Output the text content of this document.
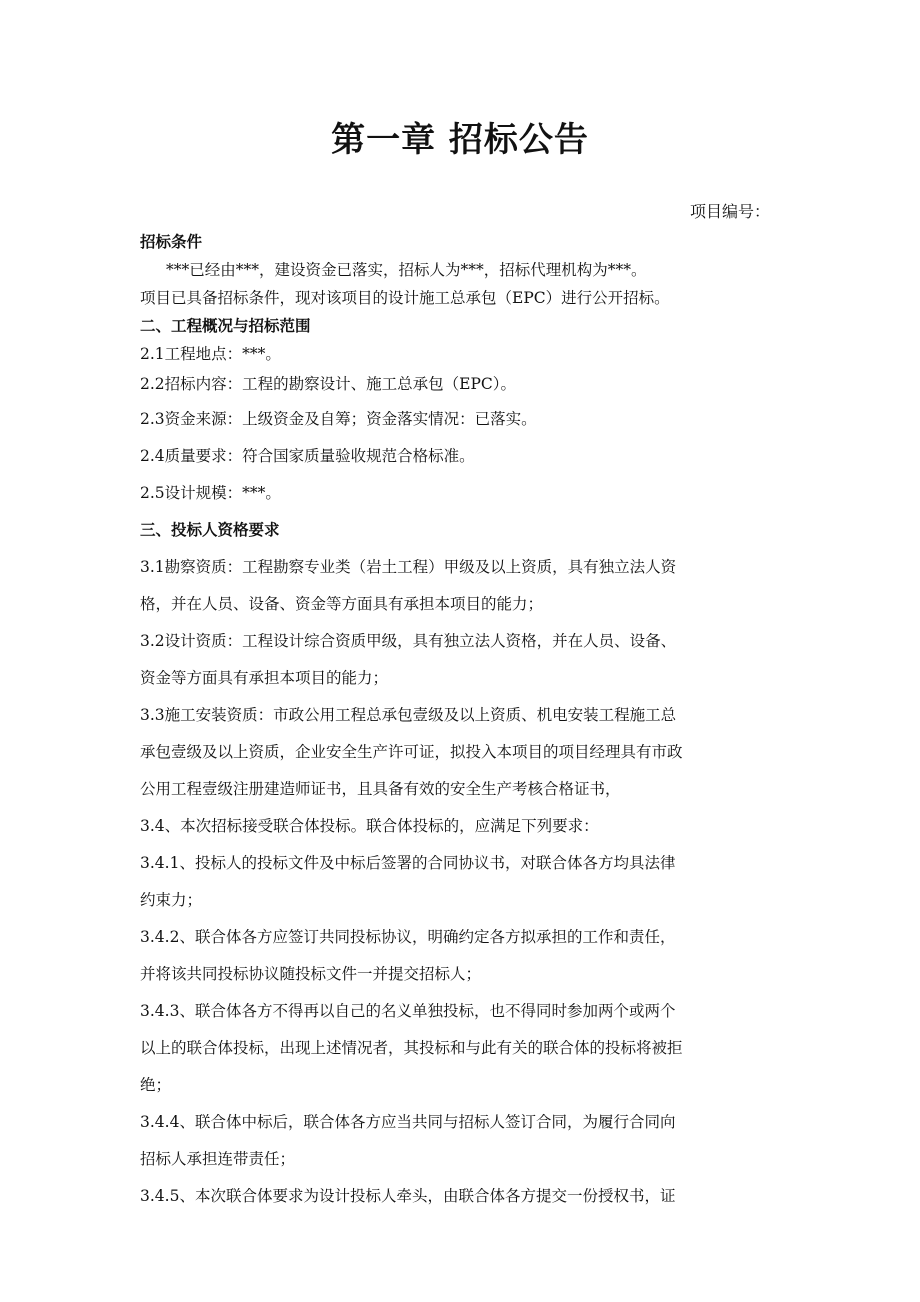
第一章 招标公告
项目编号：
招标条件
***已经由***，建设资金已落实，招标人为***，招标代理机构为***。
项目已具备招标条件，现对该项目的设计施工总承包（EPC）进行公开招标。
二、工程概况与招标范围
2.1工程地点：***。
2.2招标内容：工程的勘察设计、施工总承包（EPC）。
2.3资金来源：上级资金及自筹；资金落实情况：已落实。
2.4质量要求：符合国家质量验收规范合格标准。
2.5设计规模：***。
三、投标人资格要求
3.1勘察资质：工程勘察专业类（岩土工程）甲级及以上资质，具有独立法人资
格，并在人员、设备、资金等方面具有承担本项目的能力；
3.2设计资质：工程设计综合资质甲级，具有独立法人资格，并在人员、设备、
资金等方面具有承担本项目的能力；
3.3施工安装资质：市政公用工程总承包壹级及以上资质、机电安装工程施工总
承包壹级及以上资质，企业安全生产许可证，拟投入本项目的项目经理具有市政
公用工程壹级注册建造师证书，且具备有效的安全生产考核合格证书，
3.4、本次招标接受联合体投标。联合体投标的，应满足下列要求：
3.4.1、投标人的投标文件及中标后签署的合同协议书，对联合体各方均具法律
约束力；
3.4.2、联合体各方应签订共同投标协议，明确约定各方拟承担的工作和责任，
并将该共同投标协议随投标文件一并提交招标人；
3.4.3、联合体各方不得再以自己的名义单独投标，也不得同时参加两个或两个
以上的联合体投标，出现上述情况者，其投标和与此有关的联合体的投标将被拒
绝；
3.4.4、联合体中标后，联合体各方应当共同与招标人签订合同，为履行合同向
招标人承担连带责任；
3.4.5、本次联合体要求为设计投标人牵头，由联合体各方提交一份授权书，证
